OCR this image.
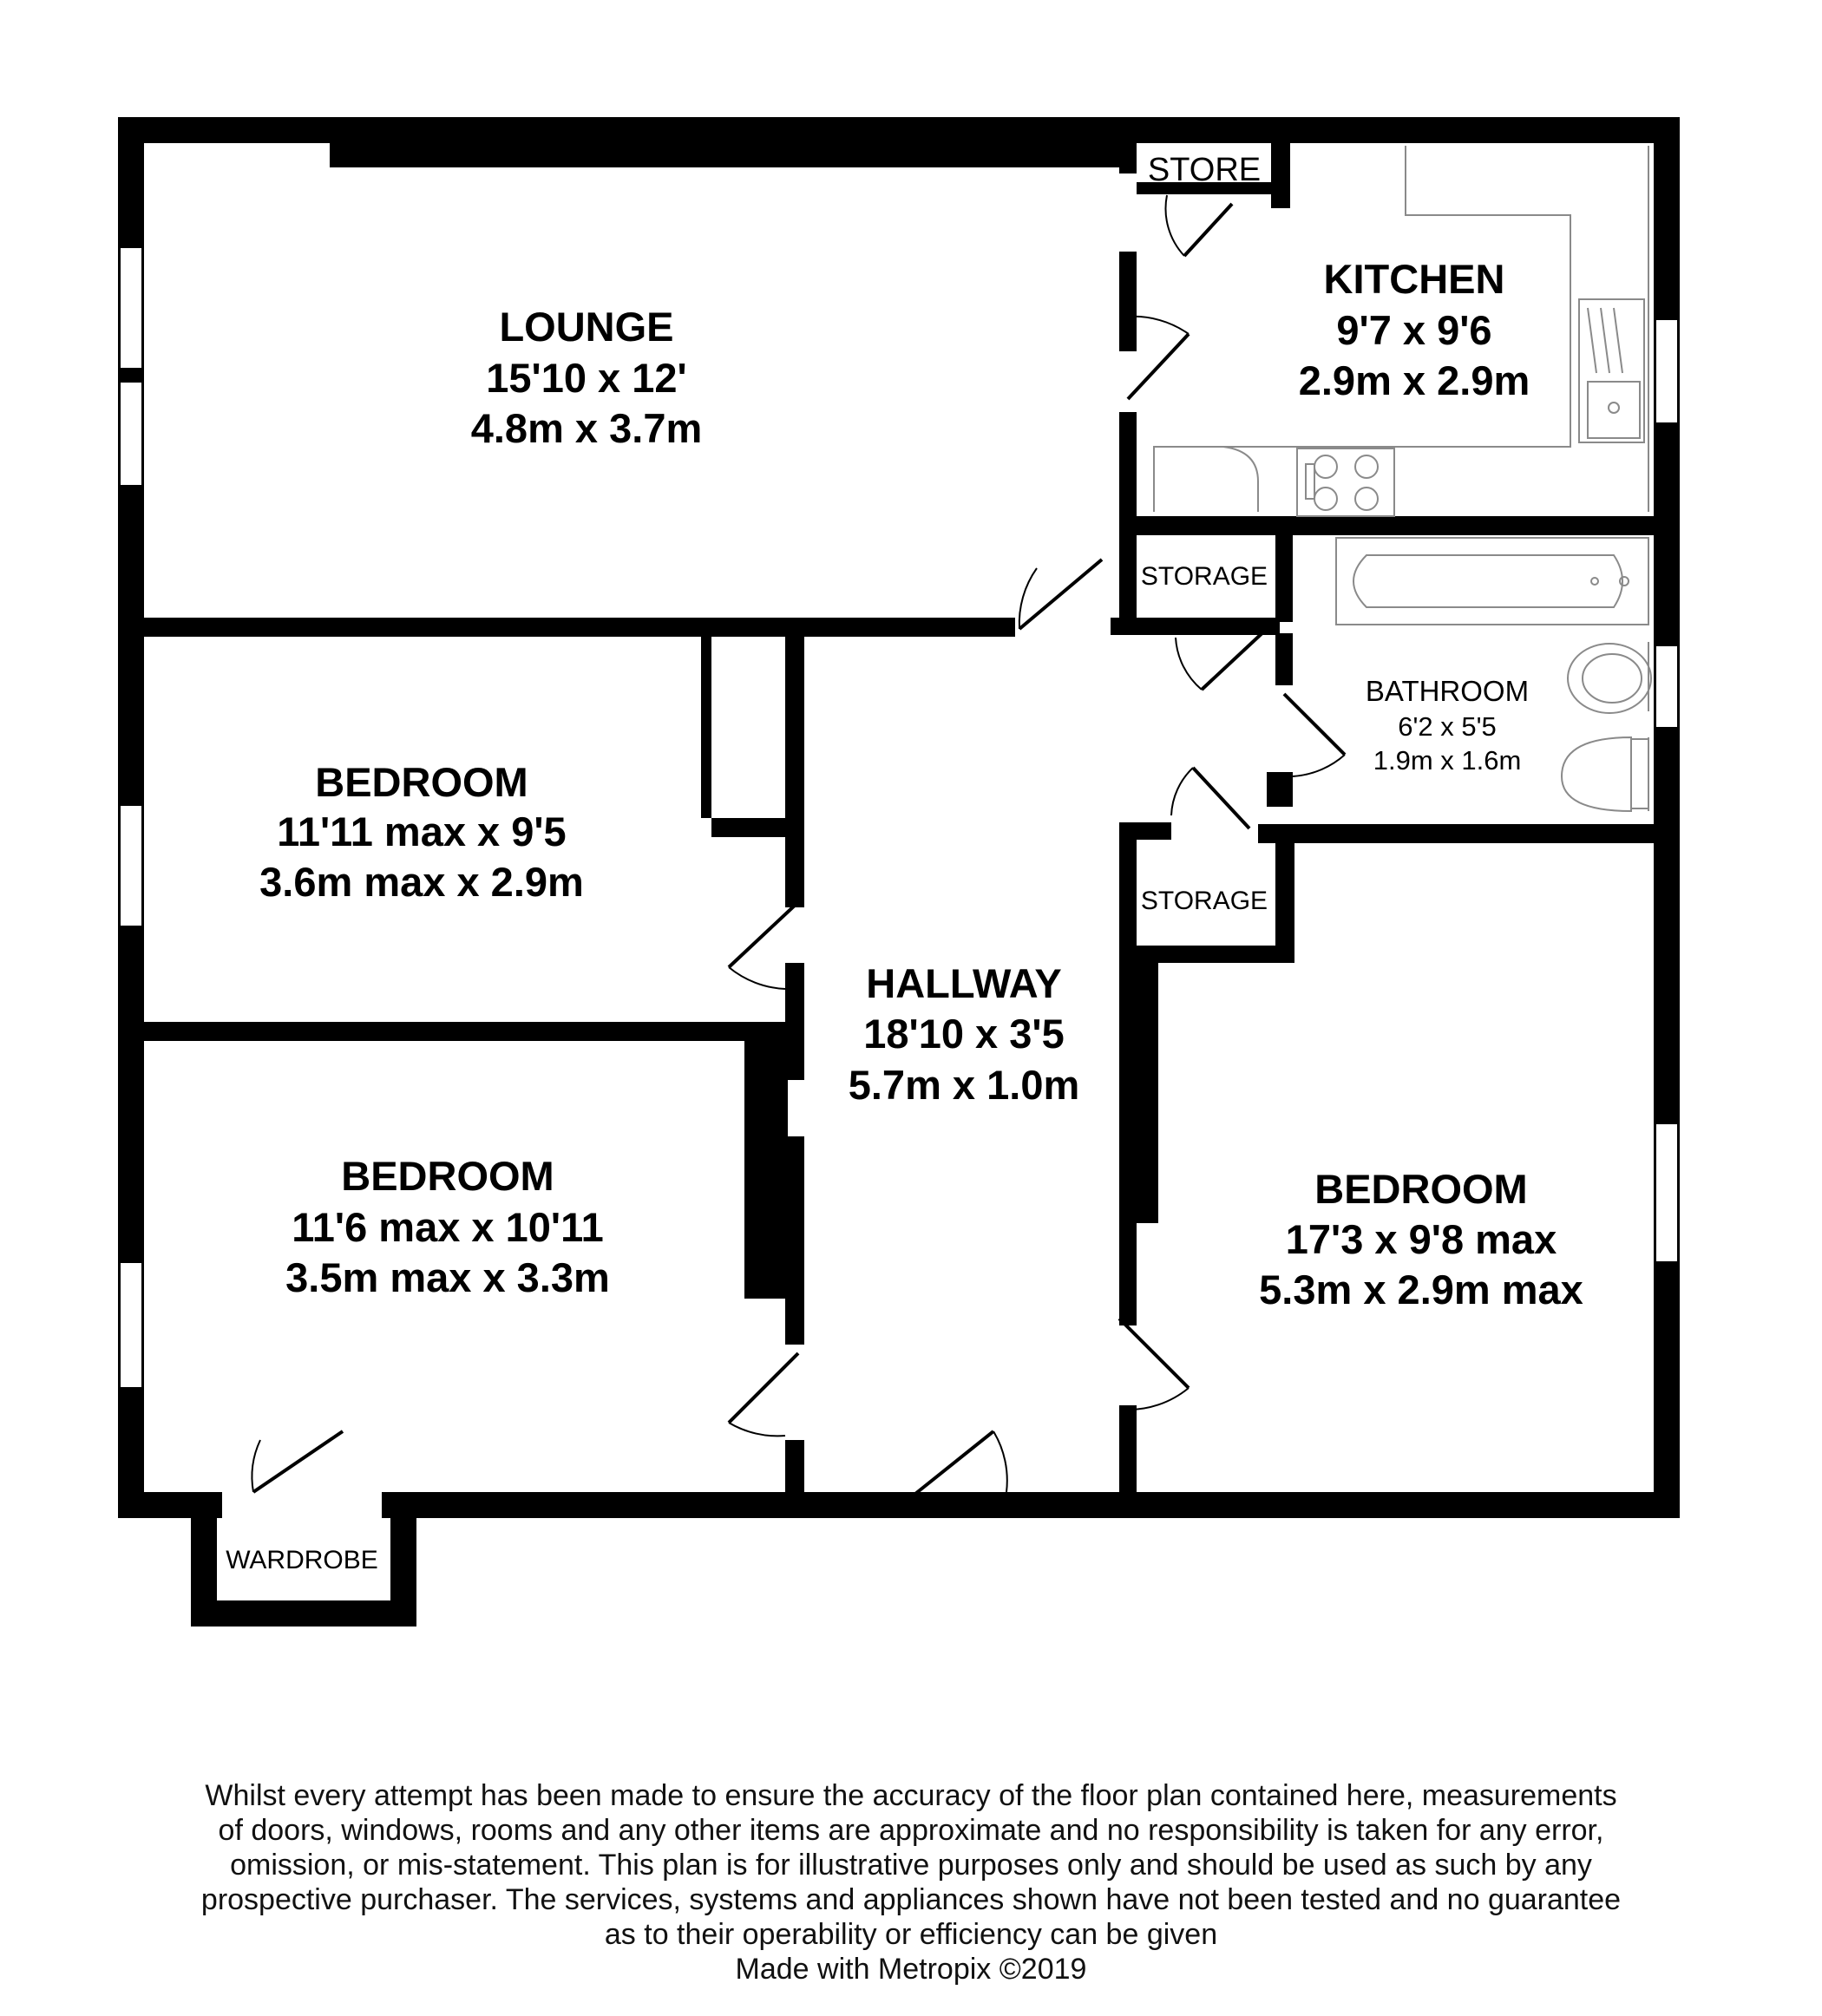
LOUNGE
15'10 x 12'
4.8m x 3.7m
KITCHEN
9'7 x 9'6
2.9m x 2.9m
BEDROOM
11'11 max x 9'5
3.6m max x 2.9m
HALLWAY
18'10 x 3'5
5.7m x 1.0m
BATHROOM
6'2 x 5'5
1.9m x 1.6m
BEDROOM
11'6 max x 10'11
3.5m max x 3.3m
BEDROOM
17'3 x 9'8 max
5.3m x 2.9m max
STORE
STORAGE
STORAGE
WARDROBE
Whilst every attempt has been made to ensure the accuracy of the floor plan contained here, measurements
of doors, windows, rooms and any other items are approximate and no responsibility is taken for any error,
omission, or mis-statement. This plan is for illustrative purposes only and should be used as such by any
prospective purchaser. The services, systems and appliances shown have not been tested and no guarantee
as to their operability or efficiency can be given
Made with Metropix ©2019
